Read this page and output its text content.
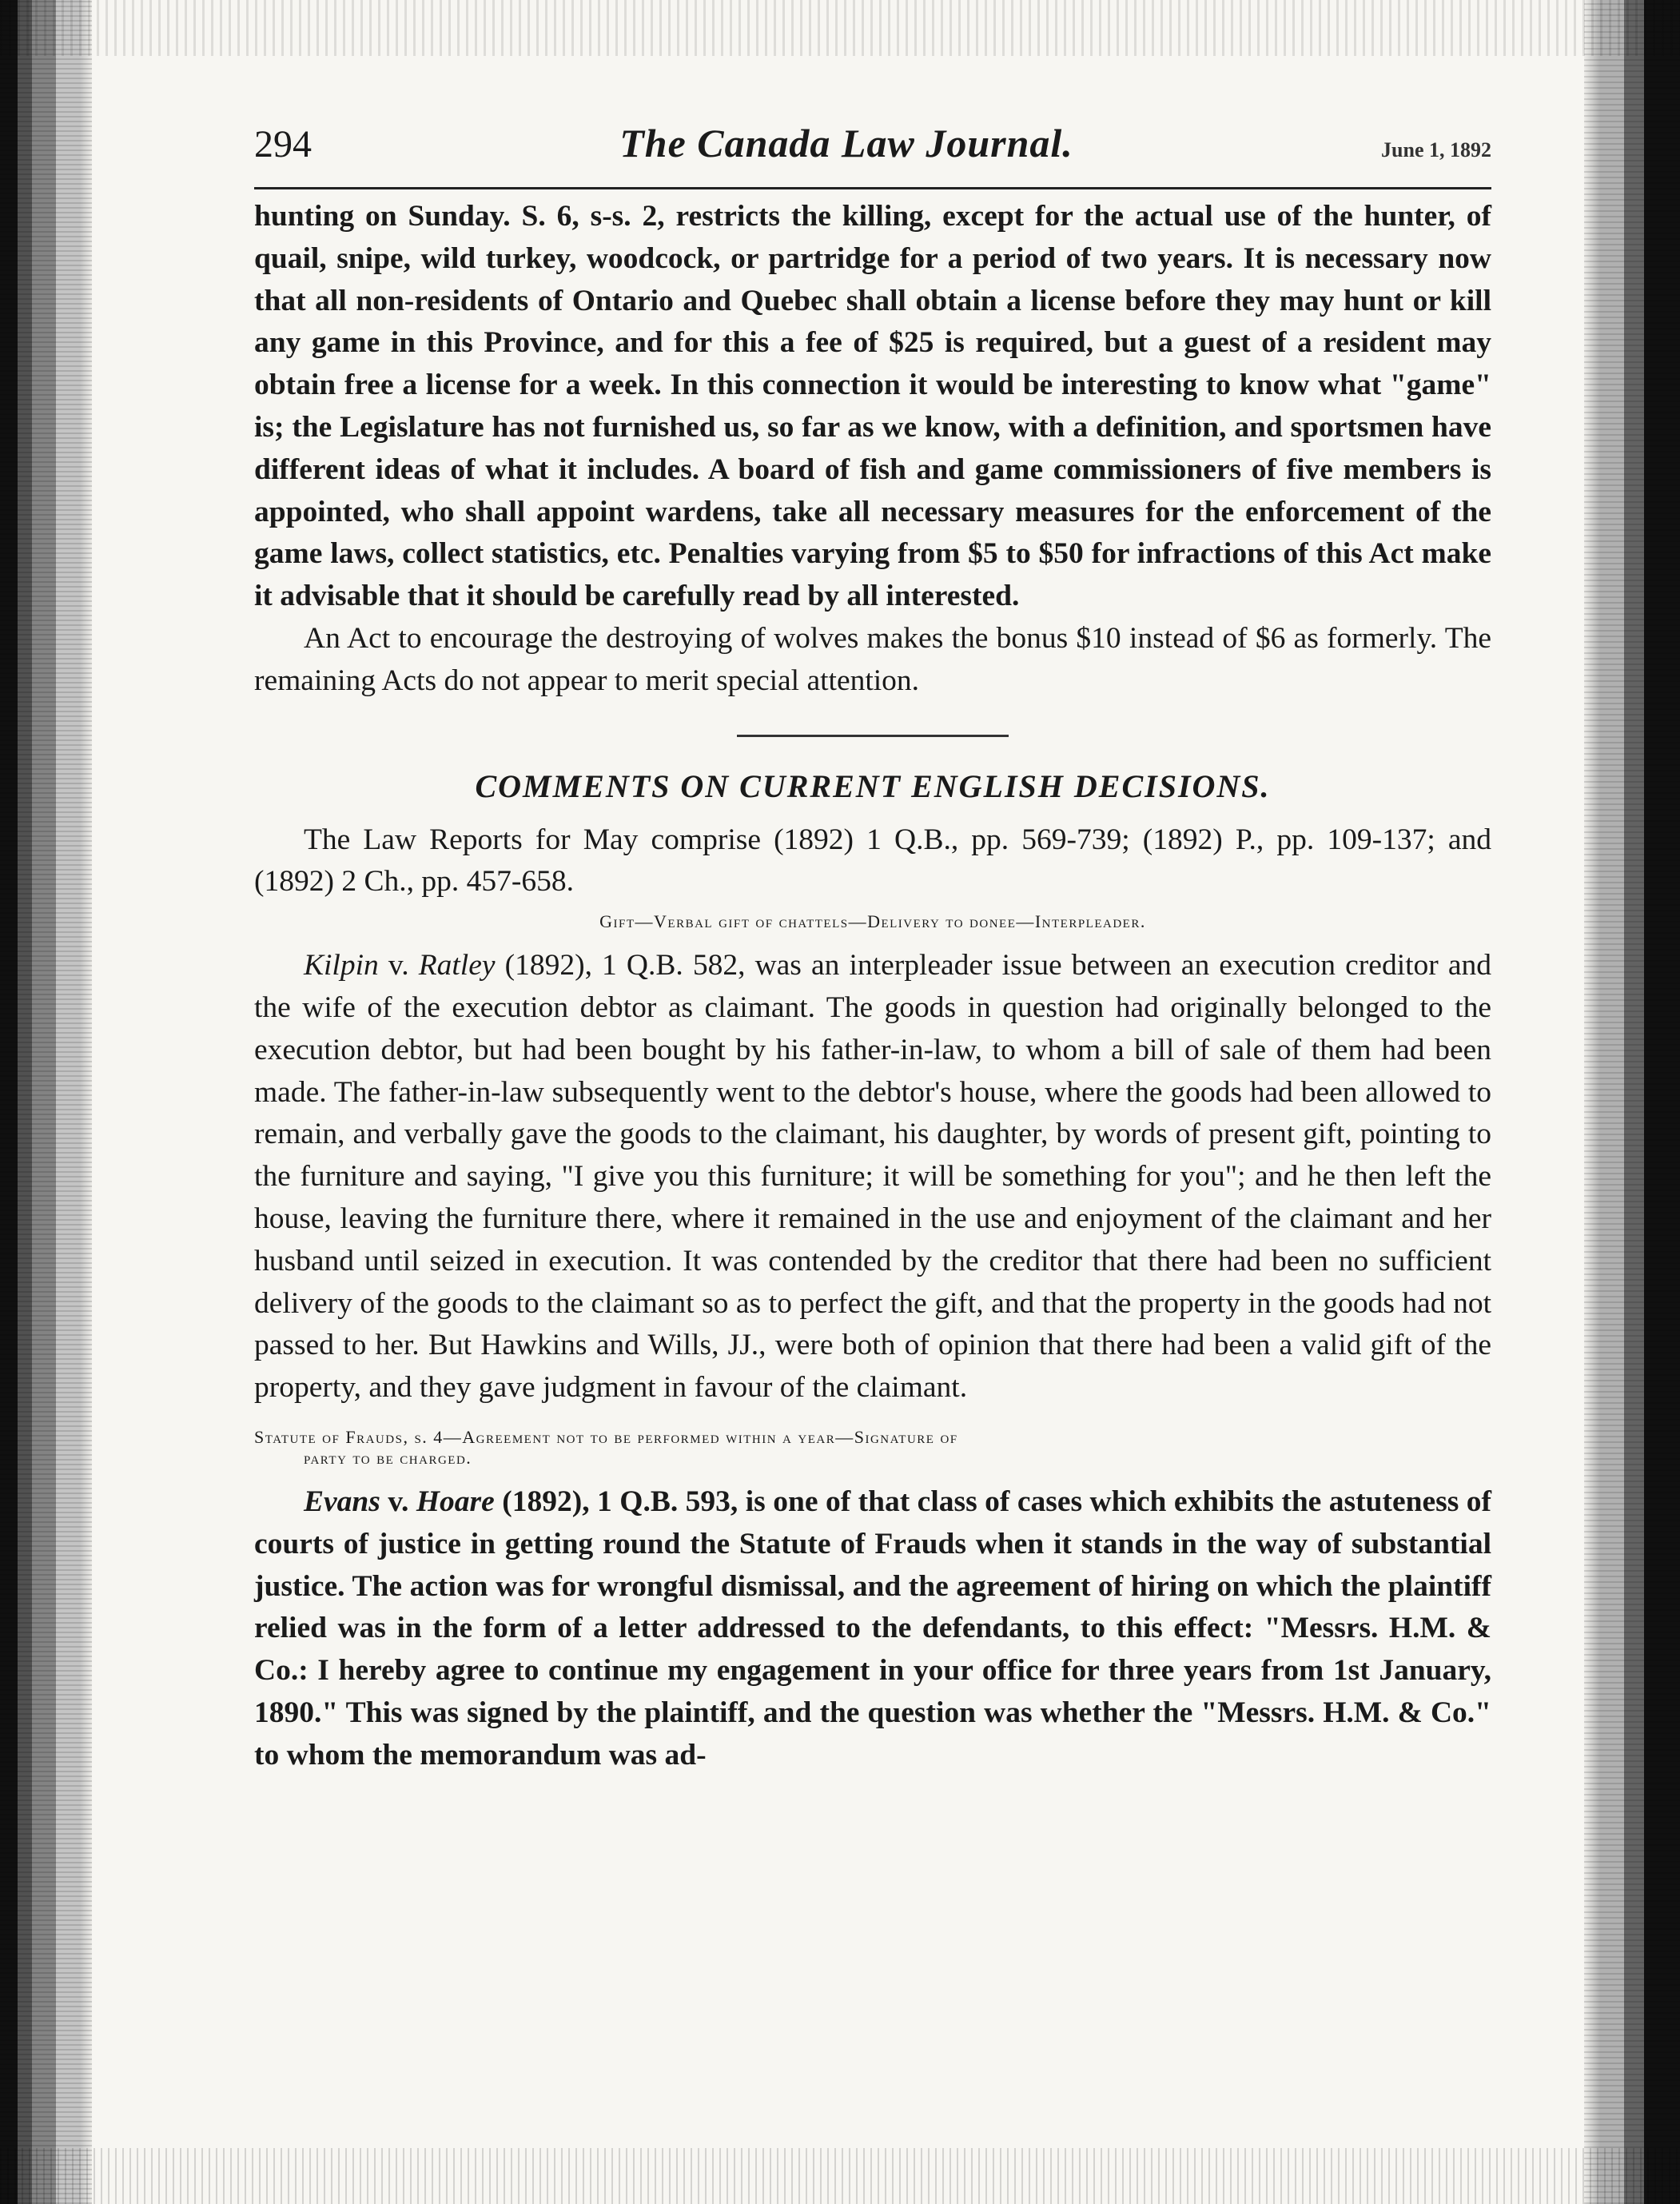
294	The Canada Law Journal.	June 1, 1892

hunting on Sunday. S. 6, s-s. 2, restricts the killing, except for the actual use of the hunter, of quail, snipe, wild turkey, woodcock, or partridge for a period of two years. It is necessary now that all non-residents of Ontario and Quebec shall obtain a license before they may hunt or kill any game in this Province, and for this a fee of $25 is required, but a guest of a resident may obtain free a license for a week. In this connection it would be interesting to know what "game" is; the Legislature has not furnished us, so far as we know, with a definition, and sportsmen have different ideas of what it includes. A board of fish and game commissioners of five members is appointed, who shall appoint wardens, take all necessary measures for the enforcement of the game laws, collect statistics, etc. Penalties varying from $5 to $50 for infractions of this Act make it advisable that it should be carefully read by all interested.

An Act to encourage the destroying of wolves makes the bonus $10 instead of $6 as formerly. The remaining Acts do not appear to merit special attention.

COMMENTS ON CURRENT ENGLISH DECISIONS.

The Law Reports for May comprise (1892) 1 Q.B., pp. 569-739; (1892) P., pp. 109-137; and (1892) 2 Ch., pp. 457-658.

Gift—Verbal gift of chattels—Delivery to donee—Interpleader.

Kilpin v. Ratley (1892), 1 Q.B. 582, was an interpleader issue between an execution creditor and the wife of the execution debtor as claimant. The goods in question had originally belonged to the execution debtor, but had been bought by his father-in-law, to whom a bill of sale of them had been made. The father-in-law subsequently went to the debtor's house, where the goods had been allowed to remain, and verbally gave the goods to the claimant, his daughter, by words of present gift, pointing to the furniture and saying, "I give you this furniture; it will be something for you"; and he then left the house, leaving the furniture there, where it remained in the use and enjoyment of the claimant and her husband until seized in execution. It was contended by the creditor that there had been no sufficient delivery of the goods to the claimant so as to perfect the gift, and that the property in the goods had not passed to her. But Hawkins and Wills, JJ., were both of opinion that there had been a valid gift of the property, and they gave judgment in favour of the claimant.

Statute of Frauds, s. 4—Agreement not to be performed within a year—Signature of
party to be charged.

Evans v. Hoare (1892), 1 Q.B. 593, is one of that class of cases which exhibits the astuteness of courts of justice in getting round the Statute of Frauds when it stands in the way of substantial justice. The action was for wrongful dismissal, and the agreement of hiring on which the plaintiff relied was in the form of a letter addressed to the defendants, to this effect: "Messrs. H.M. & Co.: I hereby agree to continue my engagement in your office for three years from 1st January, 1890." This was signed by the plaintiff, and the question was whether the "Messrs. H.M. & Co." to whom the memorandum was ad-
